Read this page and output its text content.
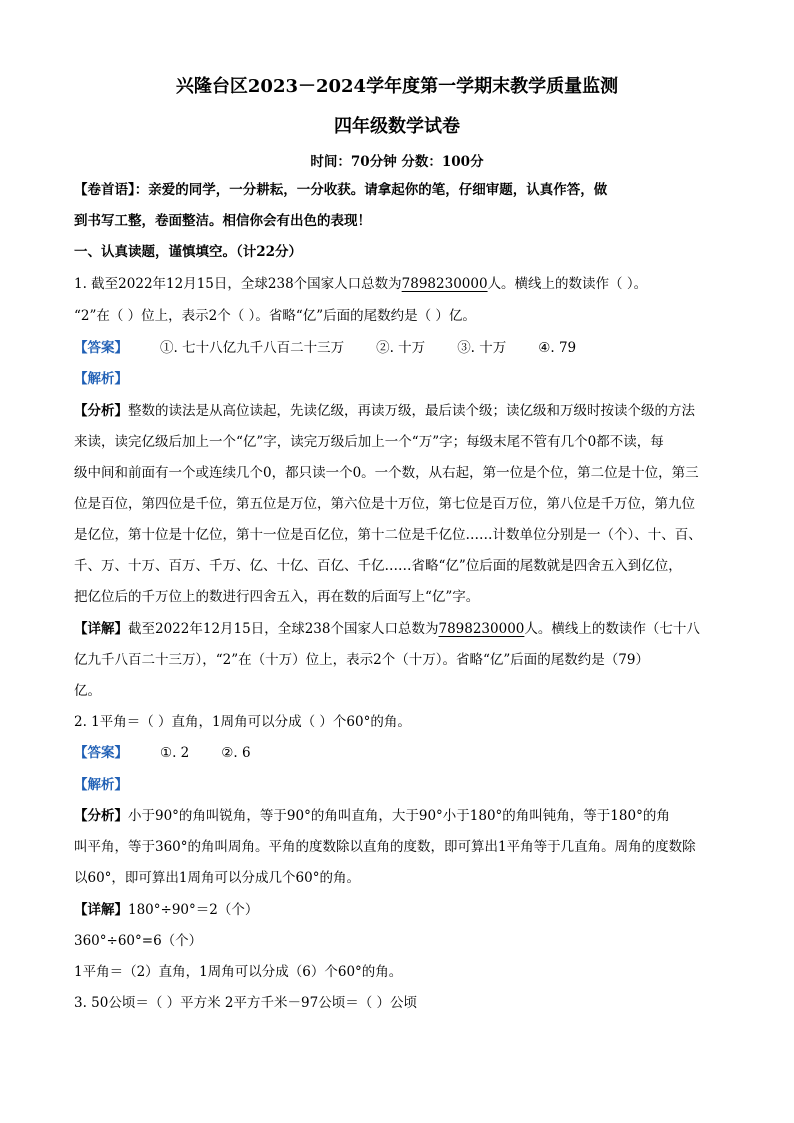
兴隆台区2023－2024学年度第一学期末教学质量监测
四年级数学试卷
时间：70分钟 分数：100分
【卷首语】：亲爱的同学，一分耕耘，一分收获。请拿起你的笔，仔细审题，认真作答，做
到书写工整，卷面整洁。相信你会有出色的表现！
一、认真读题，谨慎填空。（计22分）
1. 截至2022年12月15日，全球238个国家人口总数为7898230000人。横线上的数读作（ ）。
“2”在（ ）位上，表示2个（ ）。省略“亿”后面的尾数约是（ ）亿。
【答案】 ①. 七十八亿九千八百二十三万 ②. 十万 ③. 十万 ④. 79
【解析】
【分析】整数的读法是从高位读起，先读亿级，再读万级，最后读个级；读亿级和万级时按读个级的方法
来读，读完亿级后加上一个“亿”字，读完万级后加上一个“万”字；每级末尾不管有几个0都不读，每
级中间和前面有一个或连续几个0，都只读一个0。一个数，从右起，第一位是个位，第二位是十位，第三
位是百位，第四位是千位，第五位是万位，第六位是十万位，第七位是百万位，第八位是千万位，第九位
是亿位，第十位是十亿位，第十一位是百亿位，第十二位是千亿位……计数单位分别是一（个）、十、百、
千、万、十万、百万、千万、亿、十亿、百亿、千亿……省略“亿”位后面的尾数就是四舍五入到亿位，
把亿位后的千万位上的数进行四舍五入，再在数的后面写上“亿”字。
【详解】截至2022年12月15日，全球238个国家人口总数为7898230000人。横线上的数读作（七十八
亿九千八百二十三万），“2”在（十万）位上，表示2个（十万）。省略“亿”后面的尾数约是（79）
亿。
2. 1平角＝（ ）直角，1周角可以分成（ ）个60°的角。
【答案】 ①. 2 ②. 6
【解析】
【分析】小于90°的角叫锐角，等于90°的角叫直角，大于90°小于180°的角叫钝角，等于180°的角
叫平角，等于360°的角叫周角。平角的度数除以直角的度数，即可算出1平角等于几直角。周角的度数除
以60°，即可算出1周角可以分成几个60°的角。
【详解】180°÷90°＝2（个）
360°÷60°=6（个）
1平角＝（2）直角，1周角可以分成（6）个60°的角。
3. 50公顷＝（ ）平方米 2平方千米－97公顷＝（ ）公顷
